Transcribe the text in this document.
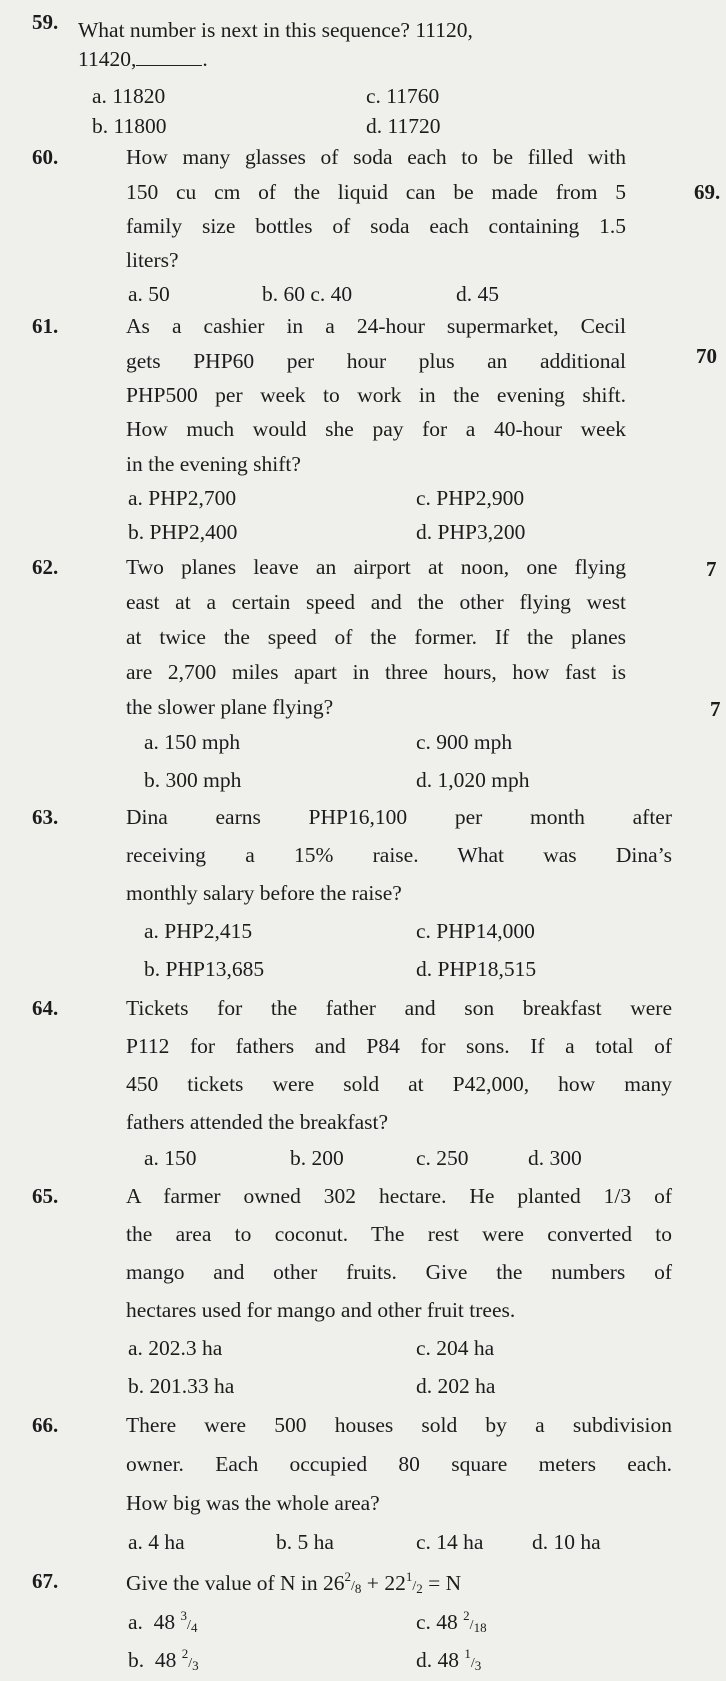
59. What number is next in this sequence? 11120,
11420,	.
a. 11820	c. 11760
b. 11800	d. 11720
60.	How many glasses of soda each to be filled with
150 cu cm of the liquid can be made from 5
family size bottles of soda each containing 1.5
liters?
a. 50	b. 60 c. 40	d. 45
61.	As a cashier in a 24-hour supermarket, Cecil
gets PHP60 per hour plus an additional
PHP500 per week to work in the evening shift.
How much would she pay for a 40-hour week
in the evening shift?
a. PHP2,700	c. PHP2,900
b. PHP2,400	d. PHP3,200
62.	Two planes leave an airport at noon, one flying
east at a certain speed and the other flying west
at twice the speed of the former. If the planes
are 2,700 miles apart in three hours, how fast is
the slower plane flying?
a. 150 mph	c. 900 mph
b. 300 mph	d. 1,020 mph
63.	Dina earns PHP16,100 per month after
receiving a 15% raise. What was Dina’s
monthly salary before the raise?
a. PHP2,415	c. PHP14,000
b. PHP13,685	d. PHP18,515
64.	Tickets for the father and son breakfast were
P112 for fathers and P84 for sons. If a total of
450 tickets were sold at P42,000, how many
fathers attended the breakfast?
a. 150	b. 200	c. 250	d. 300
65.	A farmer owned 302 hectare. He planted 1/3 of
the area to coconut. The rest were converted to
mango and other fruits. Give the numbers of
hectares used for mango and other fruit trees.
a. 202.3 ha	c. 204 ha
b. 201.33 ha	d. 202 ha
66.	There were 500 houses sold by a subdivision
owner. Each occupied 80 square meters each.
How big was the whole area?
a. 4 ha	b. 5 ha	c. 14 ha d. 10 ha
67.	Give the value of N in $26^2/_8 + 22^1/_2 = N$
a. 48 $^3/_4$	c. 48 $^2/_{18}$
b. 48 $^2/_3$	d. 48 $^1/_3$
69.
70
7
7
